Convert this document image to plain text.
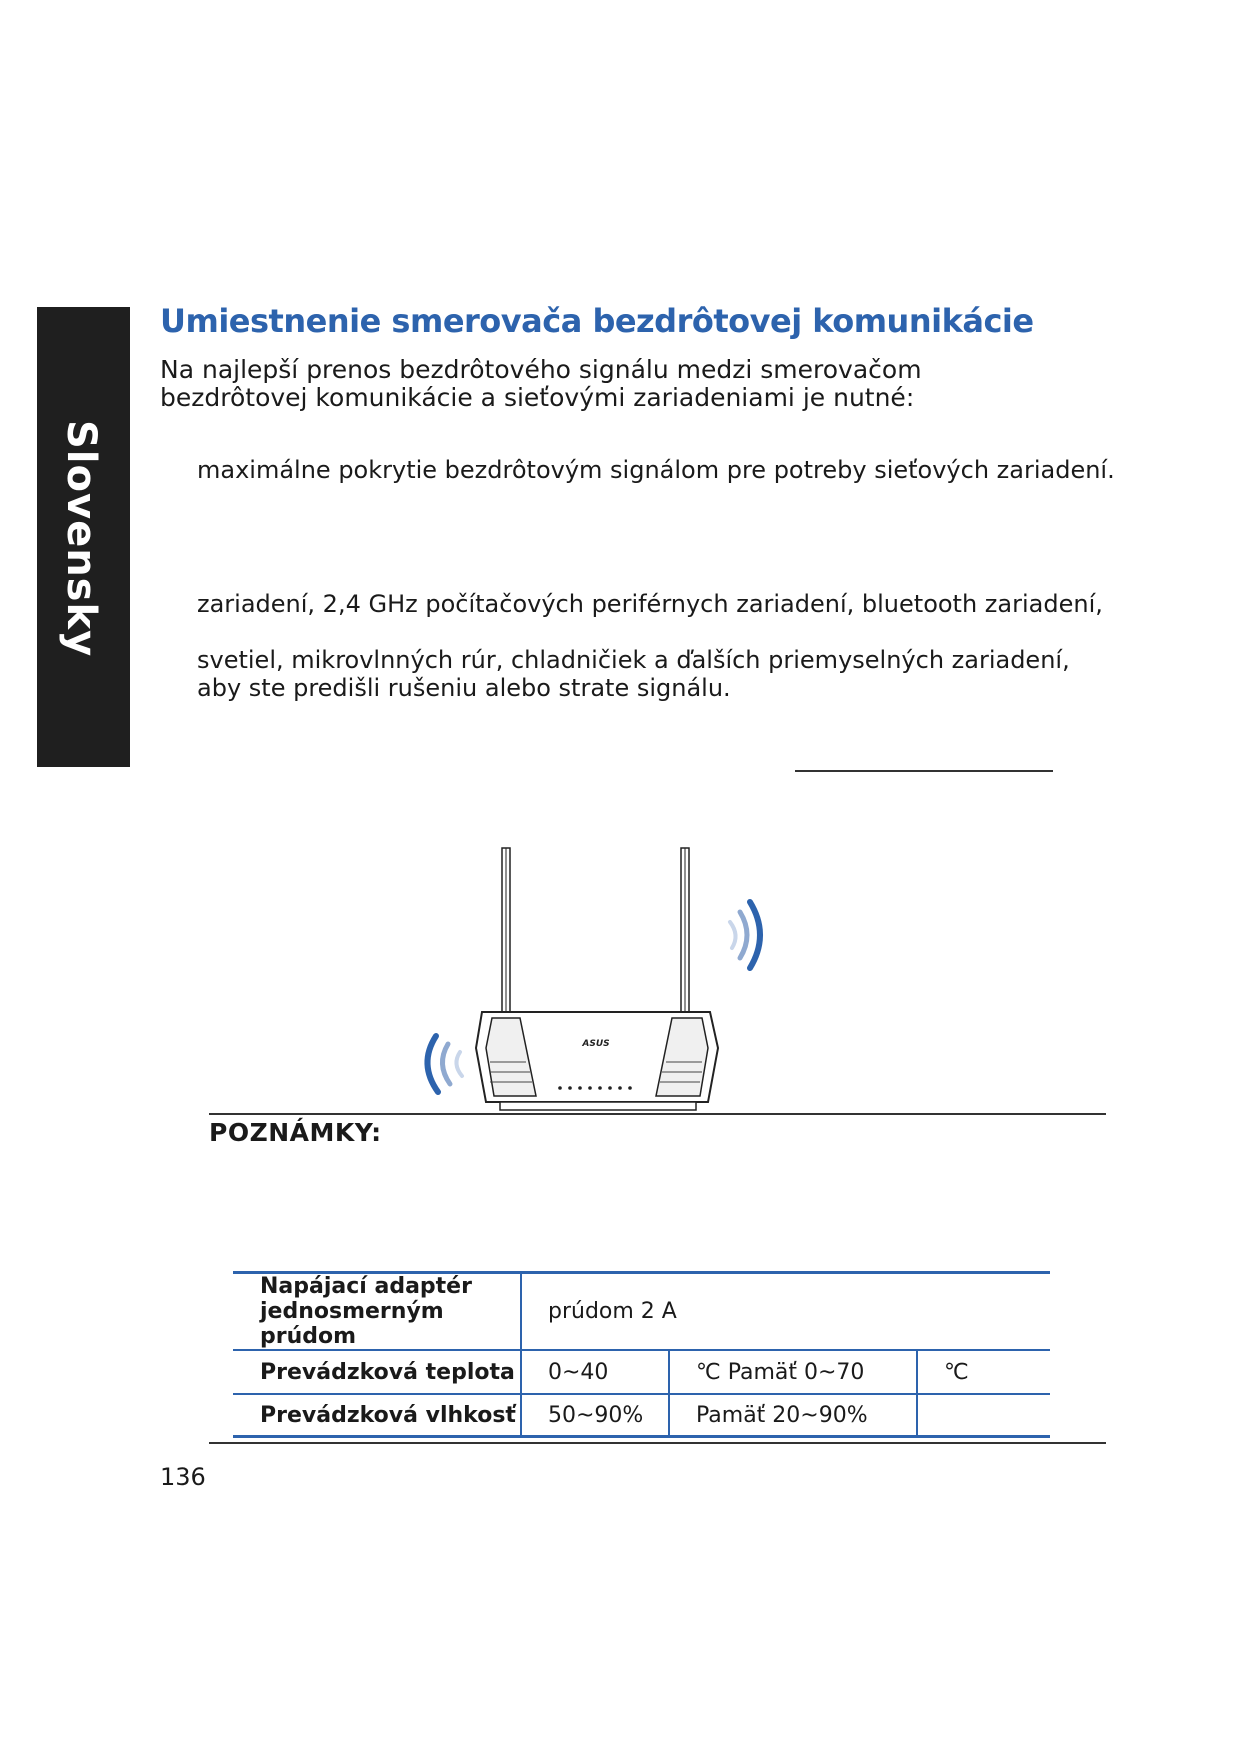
Slovensky
Umiestnenie smerovača bezdrôtovej komunikácie

Na najlepší prenos bezdrôtového signálu medzi smerovačom bezdrôtovej komunikácie a sieťovými zariadeniami je nutné:

maximálne pokrytie bezdrôtovým signálom pre potreby sieťových zariadení.

zariadení, 2,4 GHz počítačových periférnych zariadení, bluetooth zariadení,

svetiel, mikrovlnných rúr, chladničiek a ďalších priemyselných zariadení, aby ste predišli rušeniu alebo strate signálu.

ASUS
POZNÁMKY:
Napájací adaptér jednosmerným prúdom	prúdom 2 A		
Prevádzková teplota	0~40	℃ Pamäť 0~70	℃
Prevádzková vlhkosť	50~90%	Pamäť 20~90%	

136
